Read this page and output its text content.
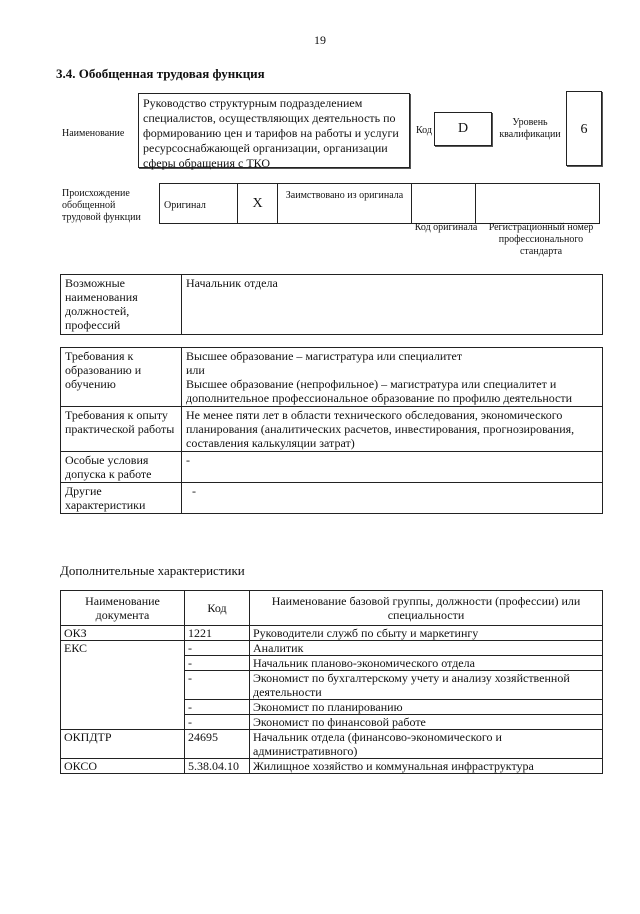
19
3.4. Обобщенная трудовая функция
Наименование
Руководство структурным подразделением специалистов, осуществляющих деятельность по формированию цен и тарифов на работы и услуги ресурсоснабжающей организации, организации сферы обращения с ТКО
Код	D	Уровень квалификации	6
Происхождение обобщенной трудовой функции
Оригинал	X	Заимствовано из оригинала		
Код оригинала	Регистрационный номер профессионального стандарта
Возможные наименования должностей, профессий	Начальник отдела
Требования к образованию и обучению	Высшее образование – магистратура или специалитет
или
Высшее образование (непрофильное) – магистратура или специалитет и дополнительное профессиональное образование по профилю деятельности

Требования к опыту практической работы	Не менее пяти лет в области технического обследования, экономического планирования (аналитических расчетов, инвестирования, прогнозирования, составления калькуляции затрат)

Особые условия допуска к работе	-

Другие характеристики	-
Дополнительные характеристики
Наименование документа	Код	Наименование базовой группы, должности (профессии) или специальности
ОКЗ	1221	Руководители служб по сбыту и маркетингу
ЕКС	-	Аналитик
	-	Начальник планово-экономического отдела
	-	Экономист по бухгалтерскому учету и анализу хозяйственной деятельности
	-	Экономист по планированию
	-	Экономист по финансовой работе
ОКПДТР	24695	Начальник отдела (финансово-экономического и административного)
ОКСО	5.38.04.10	Жилищное хозяйство и коммунальная инфраструктура
